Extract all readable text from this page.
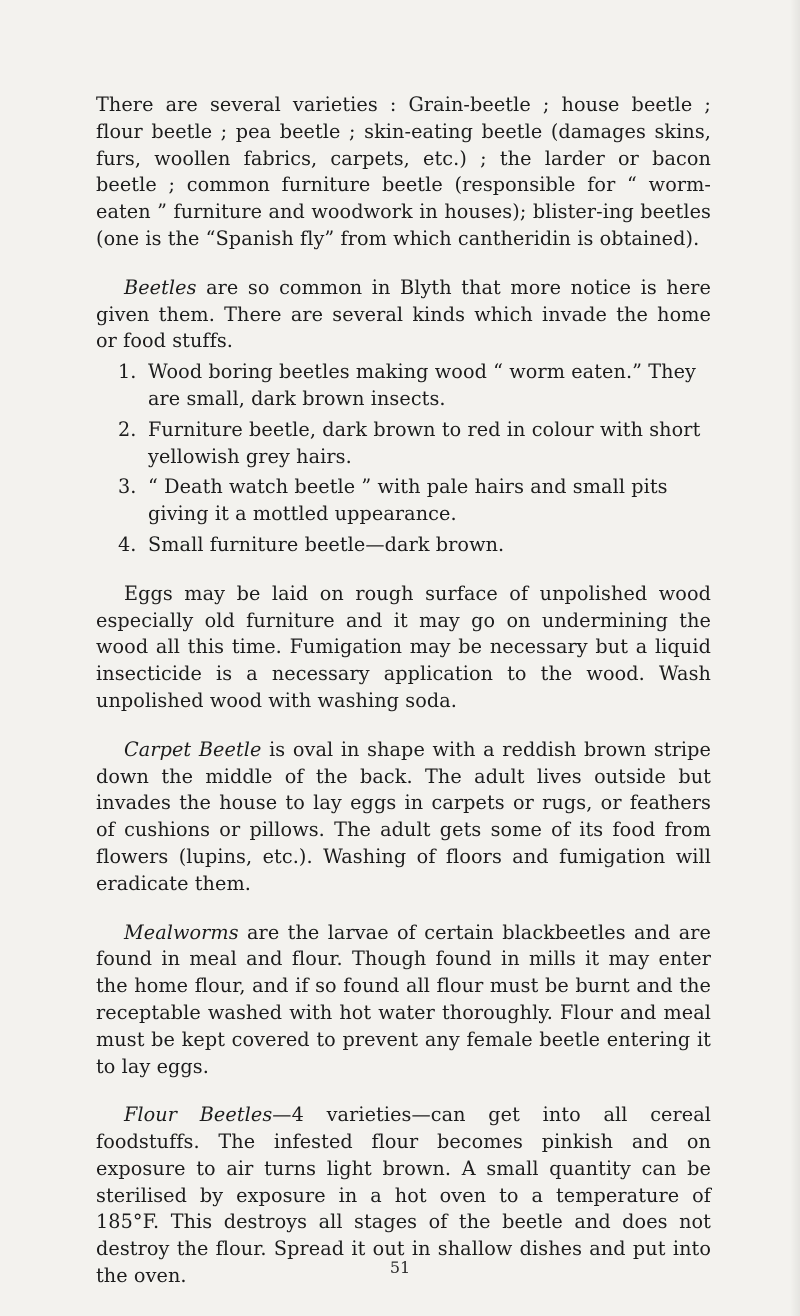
There are several varieties : Grain-beetle ; house beetle ; flour beetle ; pea beetle ; skin-eating beetle (damages skins, furs, woollen fabrics, carpets, etc.) ; the larder or bacon beetle ; common furniture beetle (responsible for “ worm-eaten ” furniture and woodwork in houses); blister-ing beetles (one is the “Spanish fly” from which cantheridin is obtained).

Beetles are so common in Blyth that more notice is here given them. There are several kinds which invade the home or food stuffs.

1. Wood boring beetles making wood “ worm eaten.” They are small, dark brown insects.
2. Furniture beetle, dark brown to red in colour with short yellowish grey hairs.
3. “ Death watch beetle ” with pale hairs and small pits giving it a mottled uppearance.
4. Small furniture beetle—dark brown.

Eggs may be laid on rough surface of unpolished wood especially old furniture and it may go on undermining the wood all this time. Fumigation may be necessary but a liquid insecticide is a necessary application to the wood. Wash unpolished wood with washing soda.

Carpet Beetle is oval in shape with a reddish brown stripe down the middle of the back. The adult lives outside but invades the house to lay eggs in carpets or rugs, or feathers of cushions or pillows. The adult gets some of its food from flowers (lupins, etc.). Washing of floors and fumigation will eradicate them.

Mealworms are the larvae of certain blackbeetles and are found in meal and flour. Though found in mills it may enter the home flour, and if so found all flour must be burnt and the receptable washed with hot water thoroughly. Flour and meal must be kept covered to prevent any female beetle entering it to lay eggs.

Flour Beetles—4 varieties—can get into all cereal foodstuffs. The infested flour becomes pinkish and on exposure to air turns light brown. A small quantity can be sterilised by exposure in a hot oven to a temperature of 185°F. This destroys all stages of the beetle and does not destroy the flour. Spread it out in shallow dishes and put into the oven.	51
